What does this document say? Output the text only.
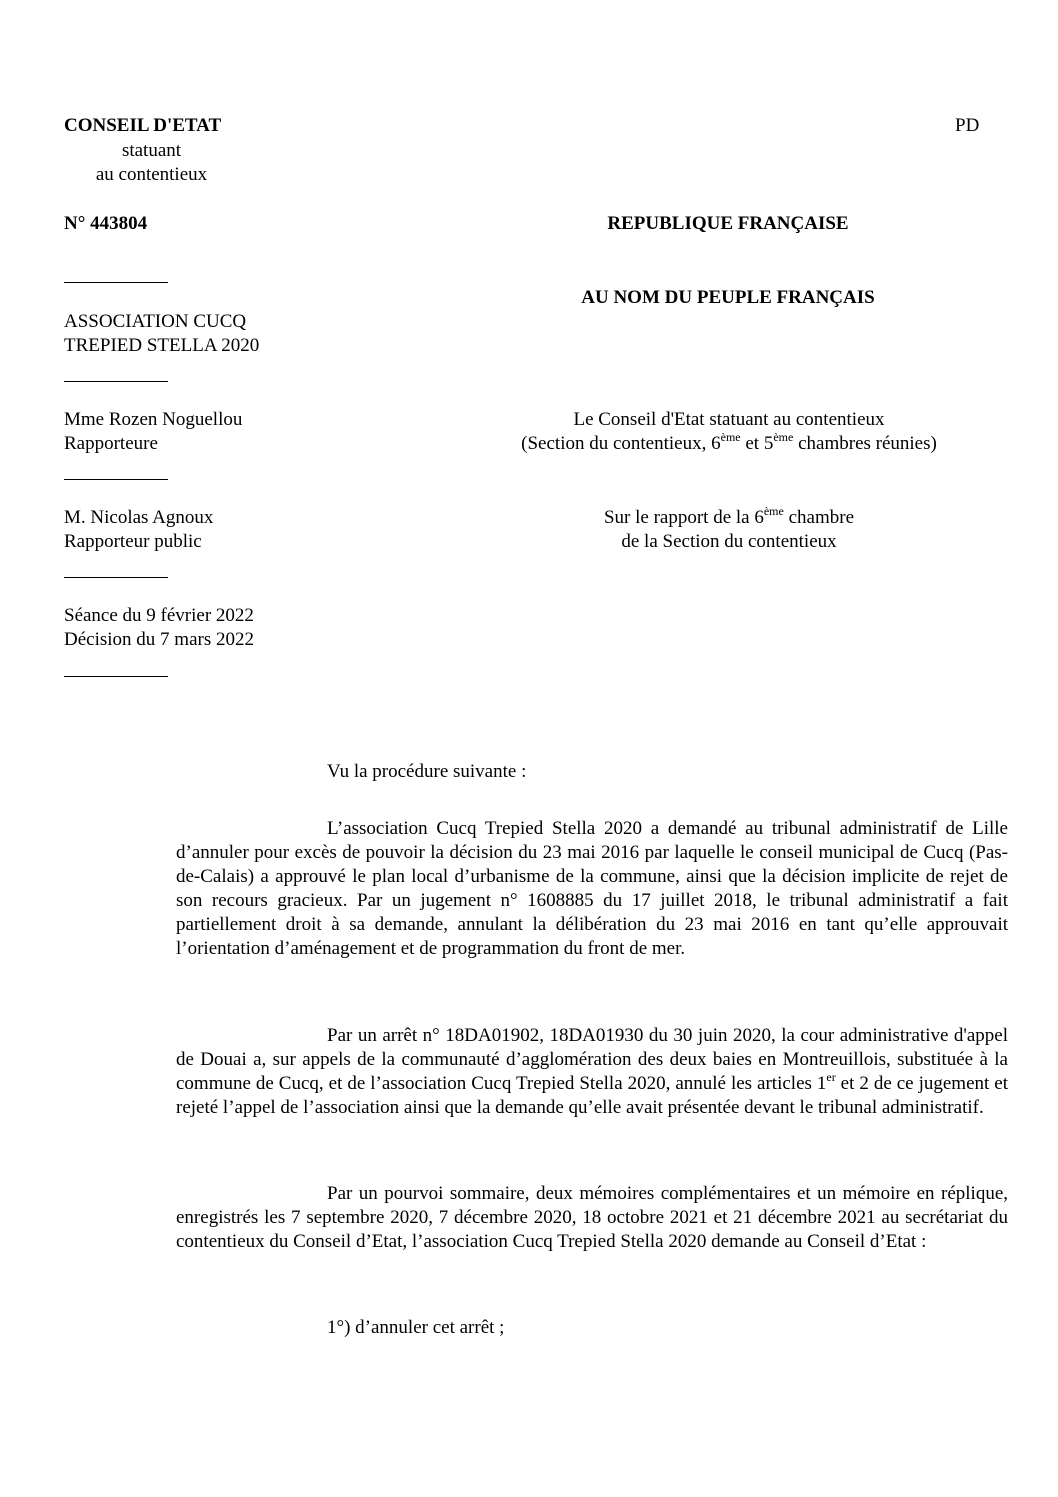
CONSEIL D'ETAT
statuant
au contentieux
PD
N° 443804	REPUBLIQUE FRANÇAISE
AU NOM DU PEUPLE FRANÇAIS
ASSOCIATION CUCQ
TREPIED STELLA 2020
Mme Rozen Noguellou
Rapporteure
M. Nicolas Agnoux
Rapporteur public
Séance du 9 février 2022
Décision du 7 mars 2022
Le Conseil d'Etat statuant au contentieux
(Section du contentieux, 6ème et 5ème chambres réunies)
Sur le rapport de la 6ème chambre
de la Section du contentieux
Vu la procédure suivante :
L’association Cucq Trepied Stella 2020 a demandé au tribunal administratif de Lille d’annuler pour excès de pouvoir la décision du 23 mai 2016 par laquelle le conseil municipal de Cucq (Pas-de-Calais) a approuvé le plan local d’urbanisme de la commune, ainsi que la décision implicite de rejet de son recours gracieux. Par un jugement n° 1608885 du 17 juillet 2018, le tribunal administratif a fait partiellement droit à sa demande, annulant la délibération du 23 mai 2016 en tant qu’elle approuvait l’orientation d’aménagement et de programmation du front de mer.
Par un arrêt n° 18DA01902, 18DA01930 du 30 juin 2020, la cour administrative d'appel de Douai a, sur appels de la communauté d’agglomération des deux baies en Montreuillois, substituée à la commune de Cucq, et de l’association Cucq Trepied Stella 2020, annulé les articles 1er et 2 de ce jugement et rejeté l’appel de l’association ainsi que la demande qu’elle avait présentée devant le tribunal administratif.
Par un pourvoi sommaire, deux mémoires complémentaires et un mémoire en réplique, enregistrés les 7 septembre 2020, 7 décembre 2020, 18 octobre 2021 et 21 décembre 2021 au secrétariat du contentieux du Conseil d’Etat, l’association Cucq Trepied Stella 2020 demande au Conseil d’Etat :
1°) d’annuler cet arrêt ;
